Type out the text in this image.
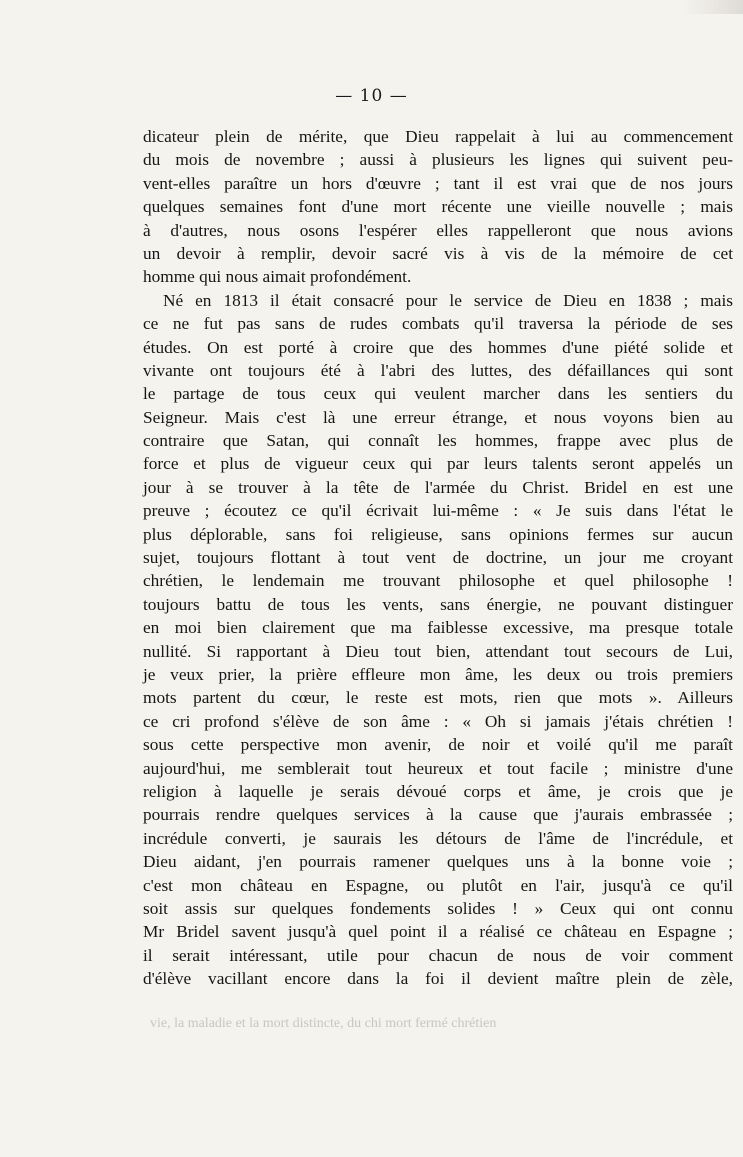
— 10 —
dicateur plein de mérite, que Dieu rappelait à lui au commencement
du mois de novembre ; aussi à plusieurs les lignes qui suivent peu-
vent-elles paraître un hors d'œuvre ; tant il est vrai que de nos jours
quelques semaines font d'une mort récente une vieille nouvelle ; mais
à d'autres, nous osons l'espérer elles rappelleront que nous avions
un devoir à remplir, devoir sacré vis à vis de la mémoire de cet
homme qui nous aimait profondément.
Né en 1813 il était consacré pour le service de Dieu en 1838 ; mais
ce ne fut pas sans de rudes combats qu'il traversa la période de ses
études. On est porté à croire que des hommes d'une piété solide et
vivante ont toujours été à l'abri des luttes, des défaillances qui sont
le partage de tous ceux qui veulent marcher dans les sentiers du
Seigneur. Mais c'est là une erreur étrange, et nous voyons bien au
contraire que Satan, qui connaît les hommes, frappe avec plus de
force et plus de vigueur ceux qui par leurs talents seront appelés un
jour à se trouver à la tête de l'armée du Christ. Bridel en est une
preuve ; écoutez ce qu'il écrivait lui-même : « Je suis dans l'état le
plus déplorable, sans foi religieuse, sans opinions fermes sur aucun
sujet, toujours flottant à tout vent de doctrine, un jour me croyant
chrétien, le lendemain me trouvant philosophe et quel philosophe !
toujours battu de tous les vents, sans énergie, ne pouvant distinguer
en moi bien clairement que ma faiblesse excessive, ma presque totale
nullité. Si rapportant à Dieu tout bien, attendant tout secours de Lui,
je veux prier, la prière effleure mon âme, les deux ou trois premiers
mots partent du cœur, le reste est mots, rien que mots ». Ailleurs
ce cri profond s'élève de son âme : « Oh si jamais j'étais chrétien !
sous cette perspective mon avenir, de noir et voilé qu'il me paraît
aujourd'hui, me semblerait tout heureux et tout facile ; ministre d'une
religion à laquelle je serais dévoué corps et âme, je crois que je
pourrais rendre quelques services à la cause que j'aurais embrassée ;
incrédule converti, je saurais les détours de l'âme de l'incrédule, et
Dieu aidant, j'en pourrais ramener quelques uns à la bonne voie ;
c'est mon château en Espagne, ou plutôt en l'air, jusqu'à ce qu'il
soit assis sur quelques fondements solides ! » Ceux qui ont connu
Mr Bridel savent jusqu'à quel point il a réalisé ce château en Espagne ;
il serait intéressant, utile pour chacun de nous de voir comment
d'élève vacillant encore dans la foi il devient maître plein de zèle,
vie, la maladie et la mort distincte, du chi mort fermé chrétien
